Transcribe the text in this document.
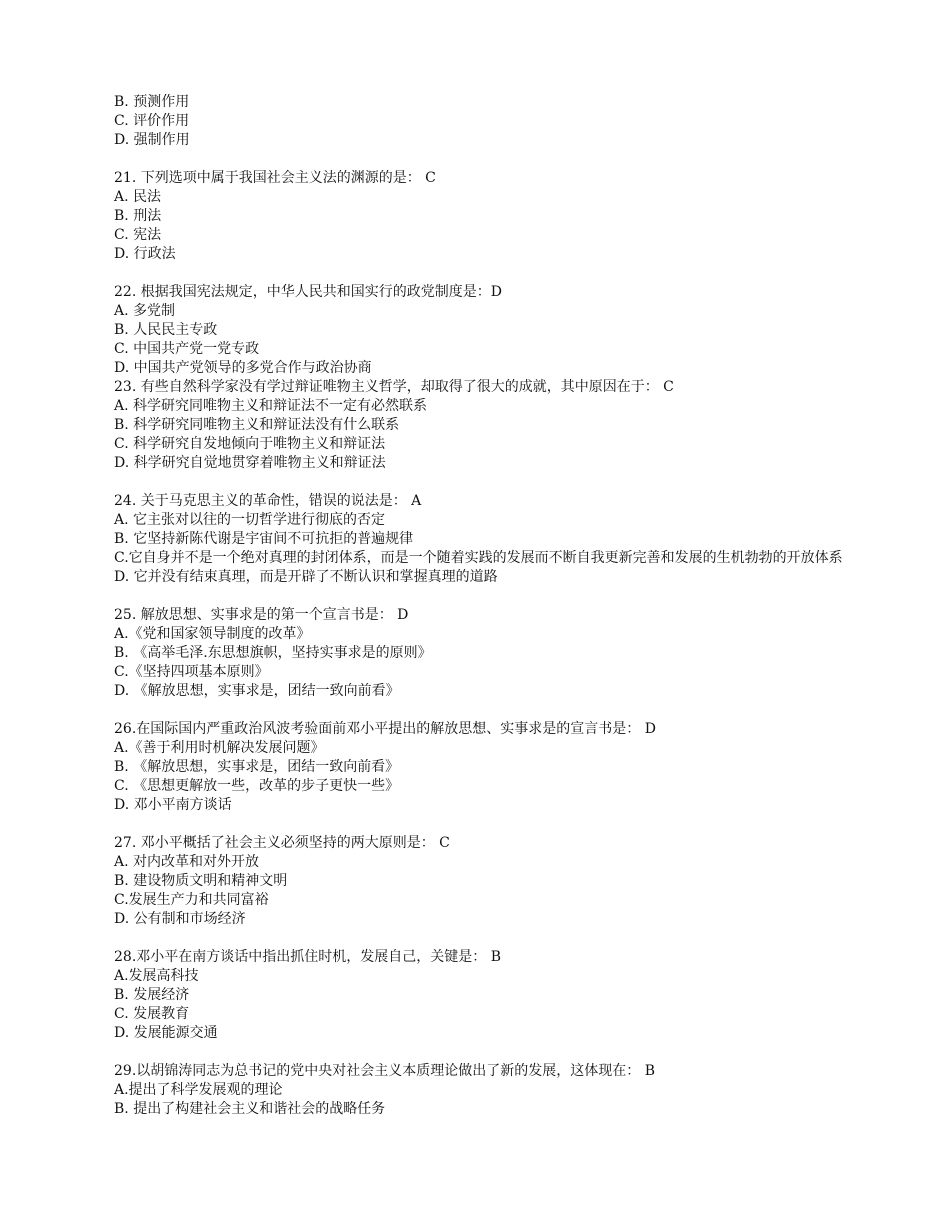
B. 预测作用
C. 评价作用
D. 强制作用
21. 下列选项中属于我国社会主义法的渊源的是： C
A. 民法
B. 刑法
C. 宪法
D. 行政法
22. 根据我国宪法规定，中华人民共和国实行的政党制度是：D
A. 多党制
B. 人民民主专政
C. 中国共产党一党专政
D. 中国共产党领导的多党合作与政治协商
23. 有些自然科学家没有学过辩证唯物主义哲学，却取得了很大的成就，其中原因在于： C
A. 科学研究同唯物主义和辩证法不一定有必然联系
B. 科学研究同唯物主义和辩证法没有什么联系
C. 科学研究自发地倾向于唯物主义和辩证法
D. 科学研究自觉地贯穿着唯物主义和辩证法
24. 关于马克思主义的革命性，错误的说法是： A
A. 它主张对以往的一切哲学进行彻底的否定
B. 它坚持新陈代谢是宇宙间不可抗拒的普遍规律
C.它自身并不是一个绝对真理的封闭体系，而是一个随着实践的发展而不断自我更新完善和发展的生机勃勃的开放体系
D. 它并没有结束真理，而是开辟了不断认识和掌握真理的道路
25. 解放思想、实事求是的第一个宣言书是： D
A.《党和国家领导制度的改革》
B. 《高举毛泽.东思想旗帜，坚持实事求是的原则》
C.《坚持四项基本原则》
D. 《解放思想，实事求是，团结一致向前看》
26.在国际国内严重政治风波考验面前邓小平提出的解放思想、实事求是的宣言书是： D
A.《善于利用时机解决发展问题》
B. 《解放思想，实事求是，团结一致向前看》
C. 《思想更解放一些，改革的步子更快一些》
D. 邓小平南方谈话
27. 邓小平概括了社会主义必须坚持的两大原则是： C
A. 对内改革和对外开放
B. 建设物质文明和精神文明
C.发展生产力和共同富裕
D. 公有制和市场经济
28.邓小平在南方谈话中指出抓住时机，发展自己，关键是： B
A.发展高科技
B. 发展经济
C. 发展教育
D. 发展能源交通
29.以胡锦涛同志为总书记的党中央对社会主义本质理论做出了新的发展，这体现在： B
A.提出了科学发展观的理论
B. 提出了构建社会主义和谐社会的战略任务
